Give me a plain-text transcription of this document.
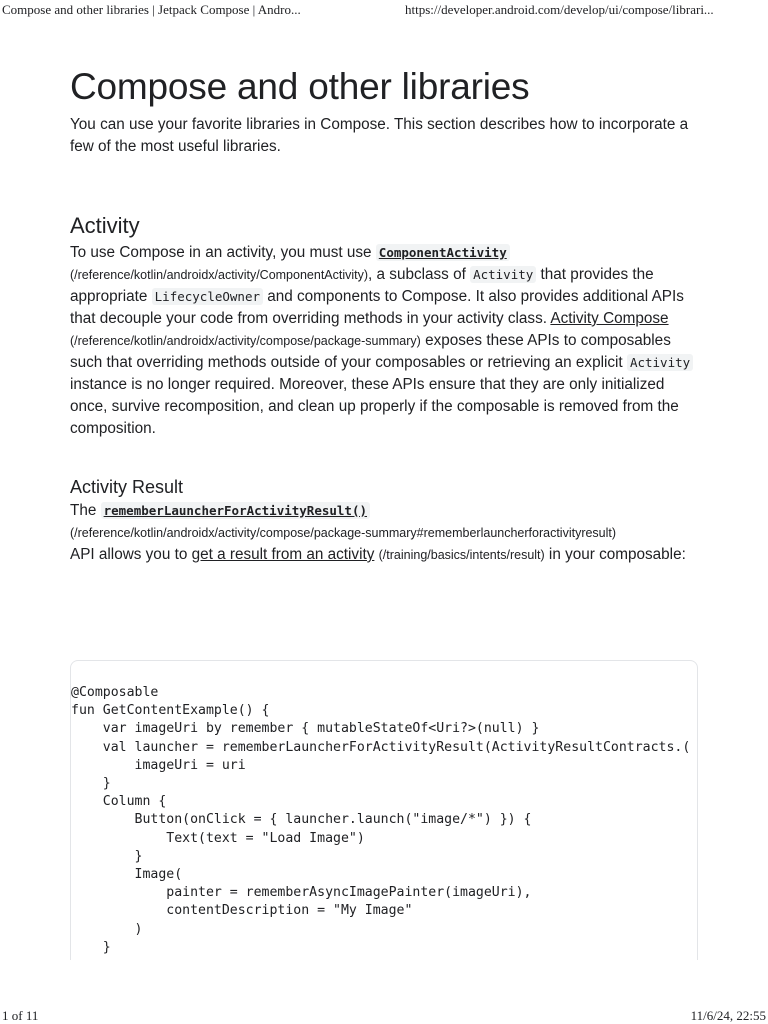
Compose and other libraries | Jetpack Compose | Andro...	https://developer.android.com/develop/ui/compose/librari...
Compose and other libraries

You can use your favorite libraries in Compose. This section describes how to incorporate a few of the most useful libraries.

Activity

To use Compose in an activity, you must use ComponentActivity
(/reference/kotlin/androidx/activity/ComponentActivity), a subclass of Activity that provides the appropriate LifecycleOwner and components to Compose. It also provides additional APIs that decouple your code from overriding methods in your activity class. Activity Compose (/reference/kotlin/androidx/activity/compose/package-summary) exposes these APIs to composables such that overriding methods outside of your composables or retrieving an explicit Activity instance is no longer required. Moreover, these APIs ensure that they are only initialized once, survive recomposition, and clean up properly if the composable is removed from the composition.

Activity Result

The rememberLauncherForActivityResult()
(/reference/kotlin/androidx/activity/compose/package-summary#rememberlauncherforactivityresult)
API allows you to get a result from an activity (/training/basics/intents/result) in your composable:

@Composable
fun GetContentExample() {
var imageUri by remember { mutableStateOf<Uri?>(null) }
val launcher = rememberLauncherForActivityResult(ActivityResultContracts.(
imageUri = uri
}
Column {
Button(onClick = { launcher.launch("image/*") }) {
Text(text = "Load Image")
}
Image(
painter = rememberAsyncImagePainter(imageUri),
contentDescription = "My Image"
)
}
1 of 11	11/6/24, 22:55
